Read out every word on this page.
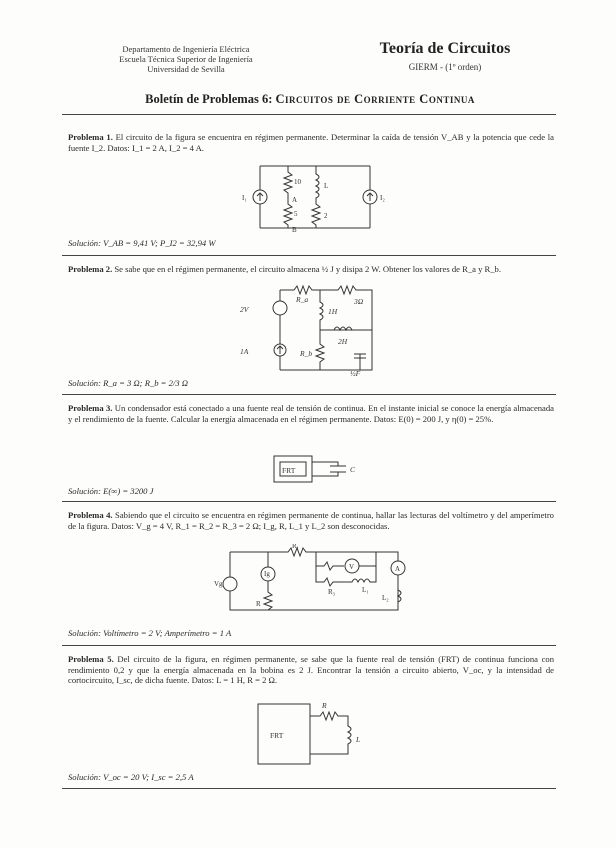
Departamento de Ingeniería Eléctrica
Escuela Técnica Superior de Ingeniería
Universidad de Sevilla
Teoría de Circuitos
GIERM - (1º orden)
Boletín de Problemas 6: Circuitos de Corriente Continua
Problema 1. El circuito de la figura se encuentra en régimen permanente. Determinar la caída de tensión V_AB y la potencia que cede la fuente I_2. Datos: I_1 = 2 A, I_2 = 4 A.
10
A
5
B
L
2
I₁	I₂
Solución: V_AB = 9,41 V; P_I2 = 32,94 W
Problema 2. Se sabe que en el régimen permanente, el circuito almacena ½ J y disipa 2 W. Obtener los valores de R_a y R_b.
2V
R_a	3Ω
1H
2H
1A	R_b
½F
Solución: R_a = 3 Ω; R_b = 2/3 Ω
Problema 3. Un condensador está conectado a una fuente real de tensión de continua. En el instante inicial se conoce la energía almacenada y el rendimiento de la fuente. Calcular la energía almacenada en el régimen permanente. Datos: E(0) = 200 J, y η(0) = 25%.
FRT	C
Solución: E(∞) = 3200 J
Problema 4. Sabiendo que el circuito se encuentra en régimen permanente de continua, hallar las lecturas del voltímetro y del amperímetro de la figura. Datos: V_g = 4 V, R_1 = R_2 = R_3 = 2 Ω; I_g, R, L_1 y L_2 son desconocidas.
R₁
V	A
Vg
Ig
R
L₁
R₃
L₂
Solución: Voltímetro = 2 V; Amperímetro = 1 A
Problema 5. Del circuito de la figura, en régimen permanente, se sabe que la fuente real de tensión (FRT) de continua funciona con rendimiento 0,2 y que la energía almacenada en la bobina es 2 J. Encontrar la tensión a circuito abierto, V_oc, y la intensidad de cortocircuito, I_sc, de dicha fuente. Datos: L = 1 H, R = 2 Ω.
FRT
R
L
Solución: V_oc = 20 V; I_sc = 2,5 A
